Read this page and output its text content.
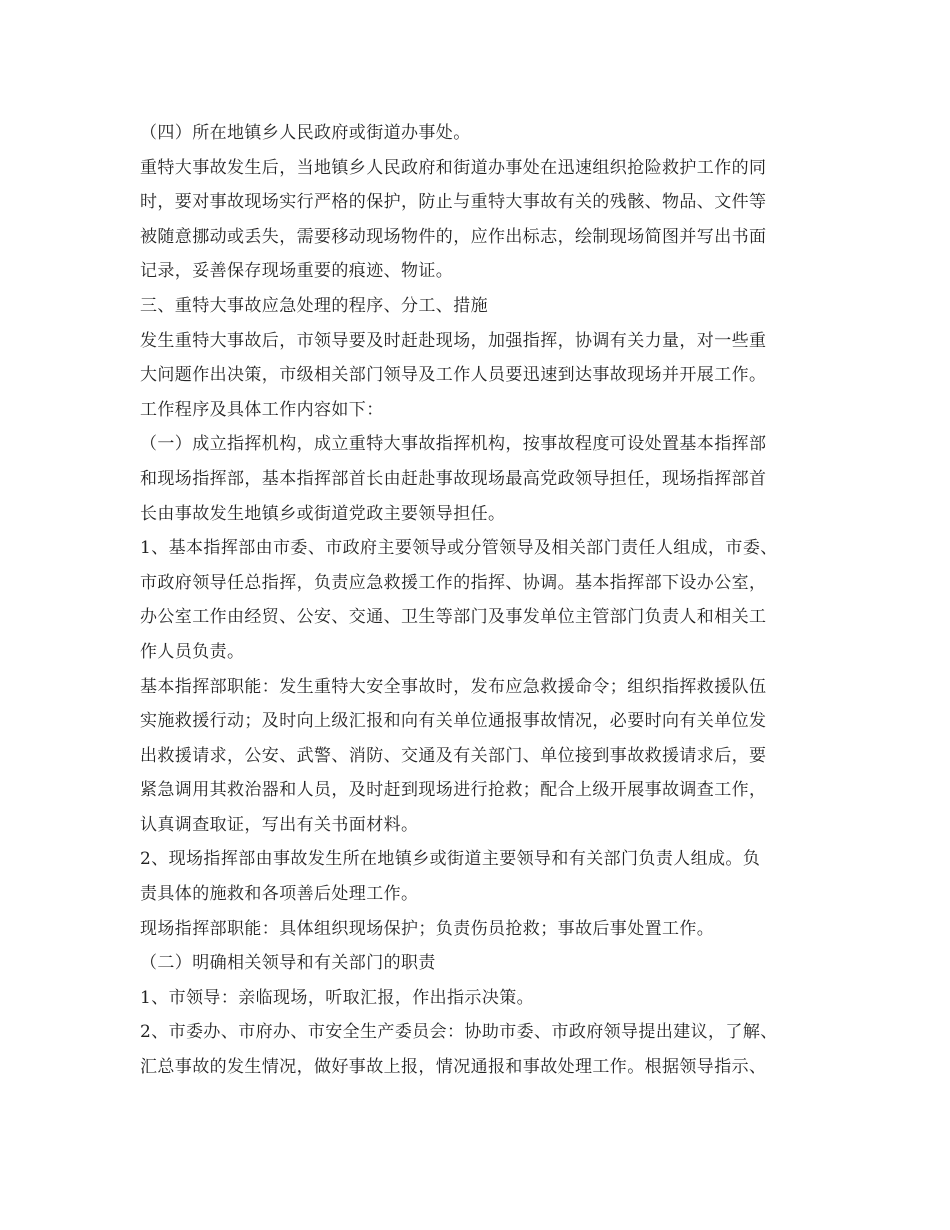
（四）所在地镇乡人民政府或街道办事处。
重特大事故发生后，当地镇乡人民政府和街道办事处在迅速组织抢险救护工作的同
时，要对事故现场实行严格的保护，防止与重特大事故有关的残骸、物品、文件等
被随意挪动或丢失，需要移动现场物件的，应作出标志，绘制现场简图并写出书面
记录，妥善保存现场重要的痕迹、物证。
三、重特大事故应急处理的程序、分工、措施
发生重特大事故后，市领导要及时赶赴现场，加强指挥，协调有关力量，对一些重
大问题作出决策，市级相关部门领导及工作人员要迅速到达事故现场并开展工作。
工作程序及具体工作内容如下：
（一）成立指挥机构，成立重特大事故指挥机构，按事故程度可设处置基本指挥部
和现场指挥部，基本指挥部首长由赶赴事故现场最高党政领导担任，现场指挥部首
长由事故发生地镇乡或街道党政主要领导担任。
1、基本指挥部由市委、市政府主要领导或分管领导及相关部门责任人组成，市委、
市政府领导任总指挥，负责应急救援工作的指挥、协调。基本指挥部下设办公室，
办公室工作由经贸、公安、交通、卫生等部门及事发单位主管部门负责人和相关工
作人员负责。
基本指挥部职能：发生重特大安全事故时，发布应急救援命令；组织指挥救援队伍
实施救援行动；及时向上级汇报和向有关单位通报事故情况，必要时向有关单位发
出救援请求，公安、武警、消防、交通及有关部门、单位接到事故救援请求后，要
紧急调用其救治器和人员，及时赶到现场进行抢救；配合上级开展事故调查工作，
认真调查取证，写出有关书面材料。
2、现场指挥部由事故发生所在地镇乡或街道主要领导和有关部门负责人组成。负
责具体的施救和各项善后处理工作。
现场指挥部职能：具体组织现场保护；负责伤员抢救；事故后事处置工作。
（二）明确相关领导和有关部门的职责
1、市领导：亲临现场，听取汇报，作出指示决策。
2、市委办、市府办、市安全生产委员会：协助市委、市政府领导提出建议，了解、
汇总事故的发生情况，做好事故上报，情况通报和事故处理工作。根据领导指示、
